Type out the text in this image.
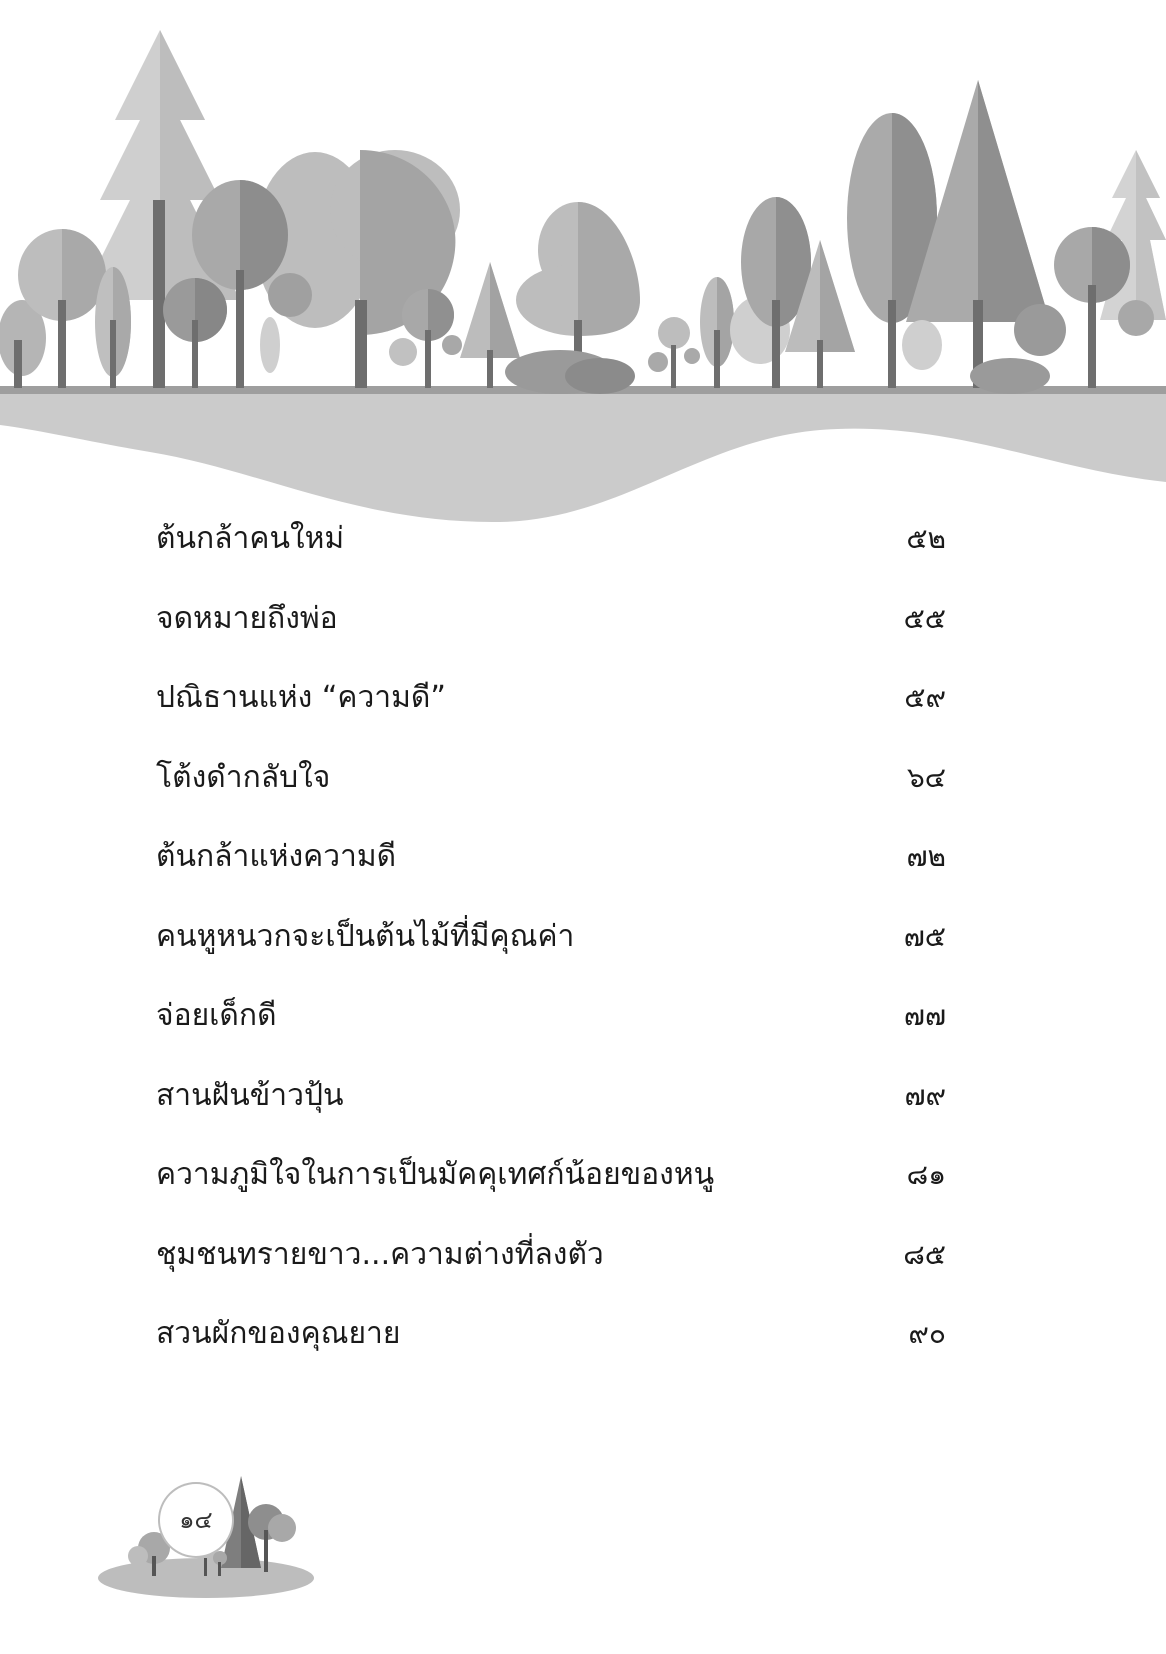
ต้นกล้าคนใหม่	๕๒
จดหมายถึงพ่อ	๕๕
ปณิธานแห่ง “ความดี”	๕๙
โต้งดำกลับใจ	๖๔
ต้นกล้าแห่งความดี	๗๒
คนหูหนวกจะเป็นต้นไม้ที่มีคุณค่า	๗๕
จ่อยเด็กดี	๗๗
สานฝันข้าวปุ้น	๗๙
ความภูมิใจในการเป็นมัคคุเทศก์น้อยของหนู	๘๑
ชุมชนทรายขาว...ความต่างที่ลงตัว	๘๕
สวนผักของคุณยาย	๙๐
๑๔
